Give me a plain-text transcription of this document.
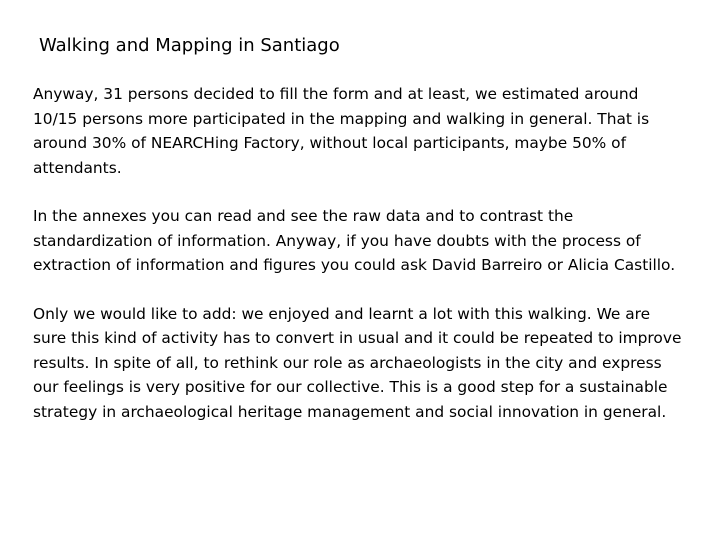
Walking and Mapping in Santiago

Anyway, 31 persons decided to fill the form and at least, we estimated around 10/15 persons more participated in the mapping and walking in general. That is around 30% of NEARCHing Factory, without local participants, maybe 50% of attendants.

In the annexes you can read and see the raw data and to contrast the standardization of information. Anyway, if you have doubts with the process of extraction of information and figures you could ask David Barreiro or Alicia Castillo.

Only we would like to add: we enjoyed and learnt a lot with this walking. We are sure this kind of activity has to convert in usual and it could be repeated to improve results. In spite of all, to rethink our role as archaeologists in the city and express our feelings is very positive for our collective. This is a good step for a sustainable strategy in archaeological heritage management and social innovation in general.
